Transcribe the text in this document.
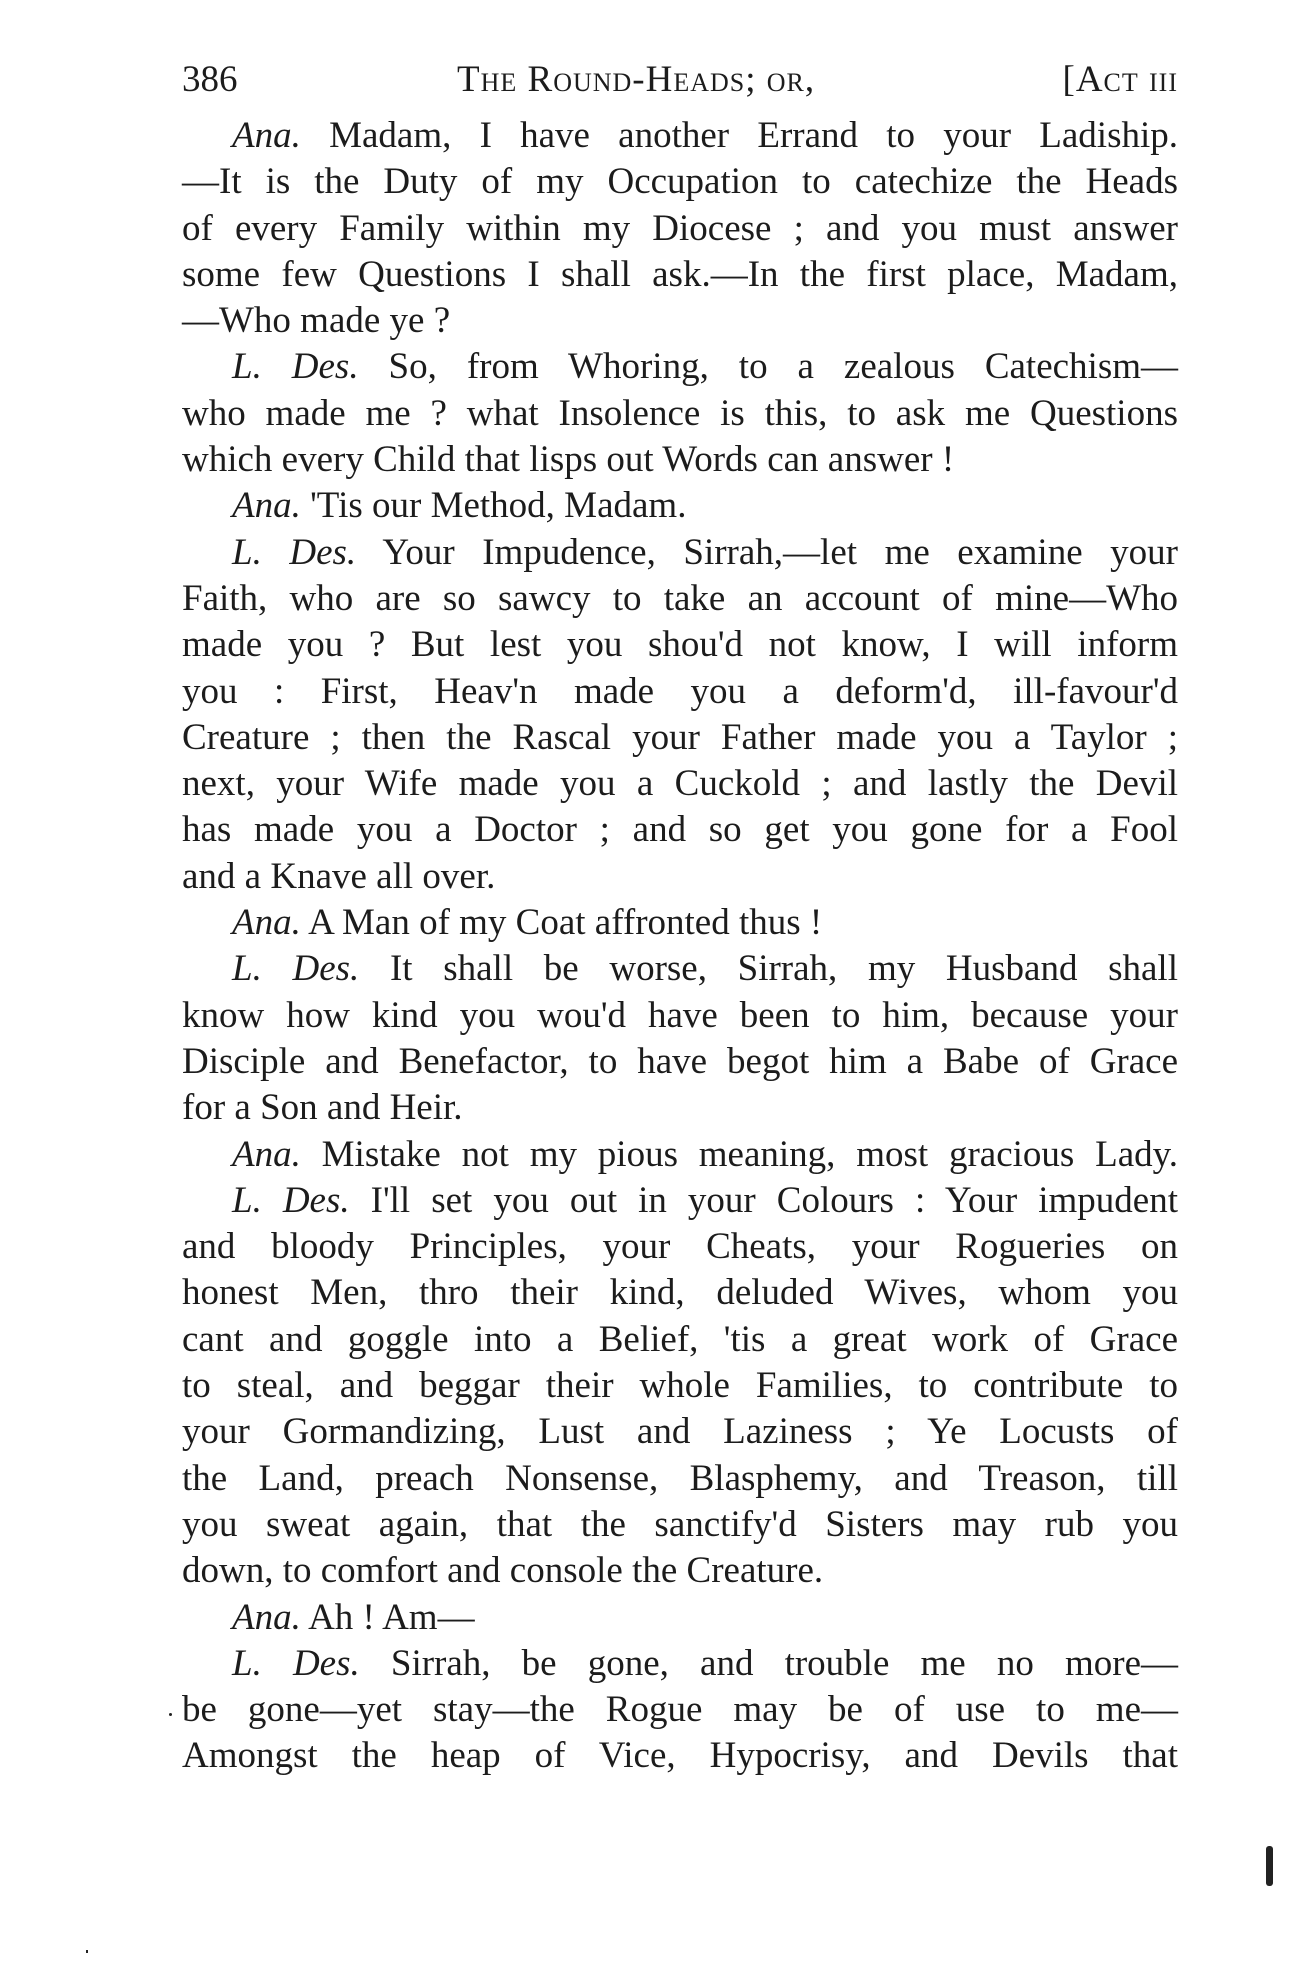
386	The Round-Heads; or,	[Act iii
Ana. Madam, I have another Errand to your Ladiship.
—It is the Duty of my Occupation to catechize the Heads
of every Family within my Diocese ; and you must answer
some few Questions I shall ask.—In the first place, Madam,
—Who made ye ?
L. Des. So, from Whoring, to a zealous Catechism—
who made me ? what Insolence is this, to ask me Questions
which every Child that lisps out Words can answer !
Ana. 'Tis our Method, Madam.
L. Des. Your Impudence, Sirrah,—let me examine your
Faith, who are so sawcy to take an account of mine—Who
made you ? But lest you shou'd not know, I will inform
you : First, Heav'n made you a deform'd, ill-favour'd
Creature ; then the Rascal your Father made you a Taylor ;
next, your Wife made you a Cuckold ; and lastly the Devil
has made you a Doctor ; and so get you gone for a Fool
and a Knave all over.
Ana. A Man of my Coat affronted thus !
L. Des. It shall be worse, Sirrah, my Husband shall
know how kind you wou'd have been to him, because your
Disciple and Benefactor, to have begot him a Babe of Grace
for a Son and Heir.
Ana. Mistake not my pious meaning, most gracious Lady.
L. Des. I'll set you out in your Colours : Your impudent
and bloody Principles, your Cheats, your Rogueries on
honest Men, thro their kind, deluded Wives, whom you
cant and goggle into a Belief, 'tis a great work of Grace
to steal, and beggar their whole Families, to contribute to
your Gormandizing, Lust and Laziness ; Ye Locusts of
the Land, preach Nonsense, Blasphemy, and Treason, till
you sweat again, that the sanctify'd Sisters may rub you
down, to comfort and console the Creature.
Ana. Ah ! Am—
L. Des. Sirrah, be gone, and trouble me no more—
be gone—yet stay—the Rogue may be of use to me—
Amongst the heap of Vice, Hypocrisy, and Devils that
